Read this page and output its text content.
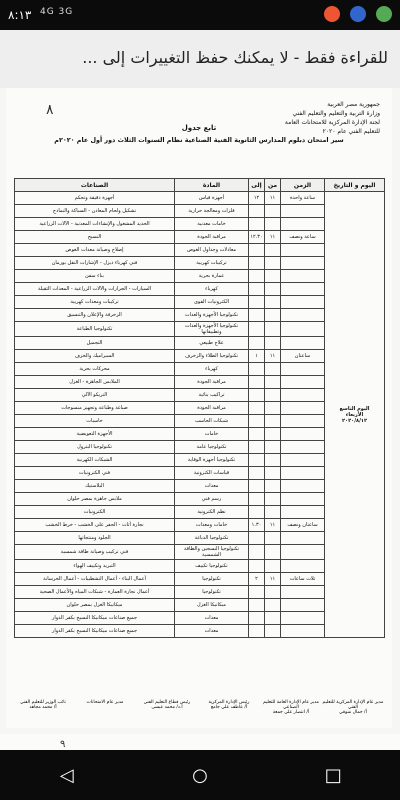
٨:١٣ 4G 3G
للقراءة فقط - لا يمكنك حفظ التغييرات إلى ...
٨	جمهورية مصر العربية
وزارة التربية والتعليم والتعليم الفني
لجنة الإدارة المركزية للامتحانات العامة
للتعليم الفني عام ٢٠٢٠
تابع جدول
سير امتحان دبلوم المدارس الثانوية الفنية الصناعية نظام السنوات الثلاث دور أول عام ٢٠٢٠م
اليوم و التاريخ	الزمن	من	إلى	المادة	الصناعات

اليوم التاسع
الأربعاء
٢٠٢٠/٨/١٢	ساعة واحدة	١١	١٢	أجهزة قياس	أجهزة دقيقة وتحكم
				فلزات ومعالجة حرارية	تشكيل ولحام المعادن - السباكة والنماذج
				خامات معدنية	الحديد المشغول والإنشاءات المعدنية - الآلات الزراعية
	ساعة ونصف	١١	١٢.٣٠	مراقبة الجودة	النسيج
				معادلات وجداول الغوص	إصلاح وصيانة معدات الغوص
				تركيبات كهربية	فني كهرباء ديزل - الإشارات النقل بورمان
				عمارة بحرية	بناء سفن
				كهرباء	السيارات - الجرارات والآلات الزراعية - المعدات الثقيلة
				الكترونيات القوى	تركيبات ومعدات كهربية
				تكنولوجيا الأجهزة والعدات	الزخرفة والإعلان والتنسيق
				تكنولوجيا الأجهزة والعدات وتطبيقاتها	تكنولوجيا الطباعة
				علاج طبيعي	التجميل
	ساعتان	١١	١	تكنولوجيا الطلاء والزخرف	السيراميك والخزف
				كهرباء	محركات بحرية
				مراقبة الجودة	الملابس الجاهزة - الغزل
				تراكيب بنائية	التريكو الآلي
				مراقبة الجودة	صباغة وطباعة وتجهيز منسوجات
				شبكات الحاسب	حاسبات
				خامات	الأجهزة التعويضية
				تكنولوجيا عامة	تكنولوجيا البترول
				تكنولوجيا أجهزة الوقاية	الشبكات الكهربية
				قياسات الكترونية	فني الكترونيات
				معدات	البلاستيك
				رسم فني	ملابس جاهزة بمصر حلوان
				نظم الكترونية	الكترونيات
	ساعتان ونصف	١١	١.٣٠	خامات ومعدات	نجارة أثاث - الحفر على الخشب - خرط الخشب
				تكنولوجيا الدباغة	الجلود ومنتجاتها
				تكنولوجيا النسجين والطاقة الشمسية	فني تركيب وصيانة طاقة شمسية
				تكنولوجيا تكييف	التبريد وتكييف الهواء
	ثلاث ساعات	١١	٢	تكنولوجيا	أعمال البناء - أعمال التشطيبات - أعمال الخرسانة
				تكنولوجيا	أعمال نجارة العمارة - شبكات المياه والأعمال الصحية
				ميكانيكا الغزل	ميكانيكا الغزل بمصر حلوان
				معدات	جميع صناعات ميكانيكا النسيج بكفر الدوار
				معدات	جميع صناعات ميكانيكا النسيج بكفر الدوار
مدير عام الإدارة المركزية للتعليم الفني
أ/ جمال شوقي
مدير عام الإدارة العامة للتعليم الصناعي
أ/ انتصار علي جمعة
رئيس الإدارة المركزية
أ/ عاطف علي جامع
رئيس قطاع التعليم الفني
أ.د/ محمد عيسى
مدير عام الامتحانات
نائب الوزير للتعليم الفني
أ/ محمد مجاهد
٩
◁	○	□
